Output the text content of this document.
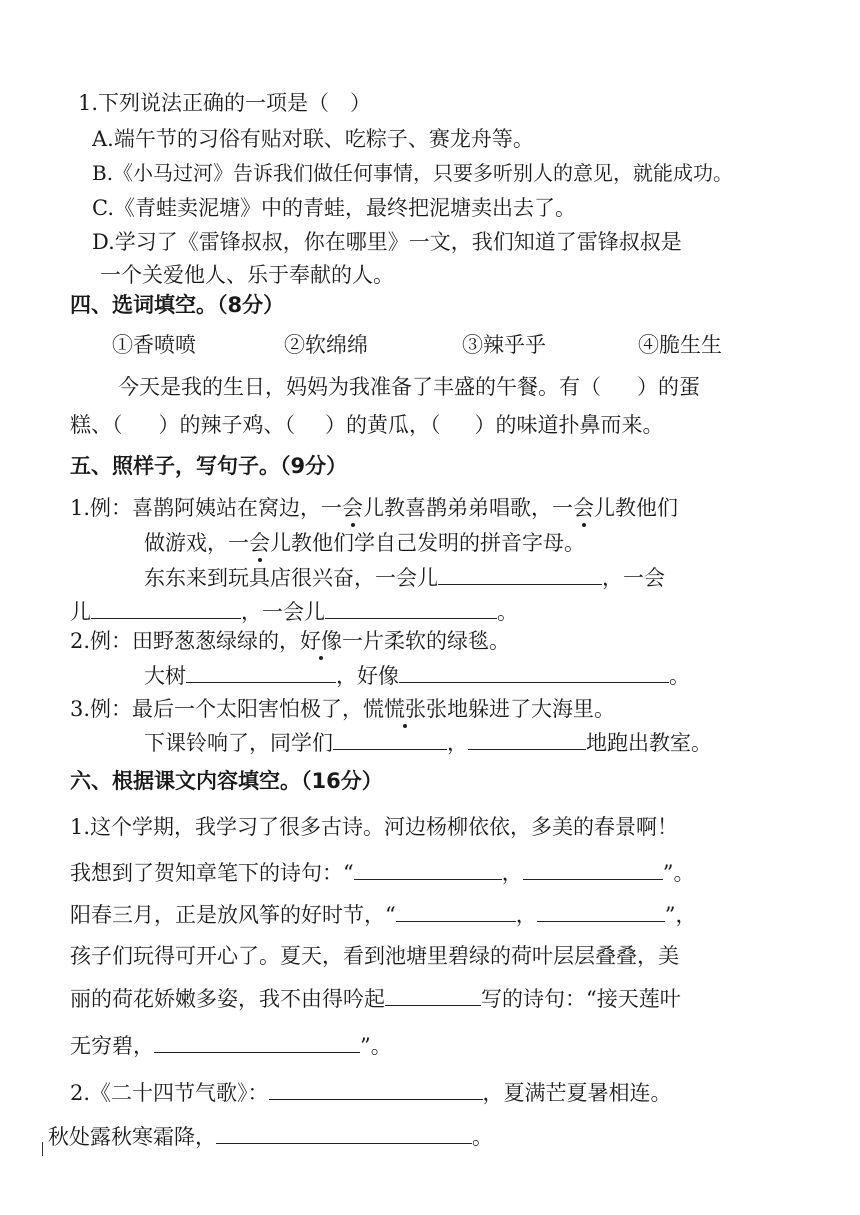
1.下列说法正确的一项是（　）
A.端午节的习俗有贴对联、吃粽子、赛龙舟等。
B.《小马过河》告诉我们做任何事情，只要多听别人的意见，就能成功。
C.《青蛙卖泥塘》中的青蛙，最终把泥塘卖出去了。
D.学习了《雷锋叔叔，你在哪里》一文，我们知道了雷锋叔叔是
一个关爱他人、乐于奉献的人。
四、选词填空。（8分）
①香喷喷	②软绵绵	③辣乎乎	④脆生生
今天是我的生日，妈妈为我准备了丰盛的午餐。有（ ）的蛋
糕、（ ）的辣子鸡、（ ）的黄瓜，（ ）的味道扑鼻而来。
五、照样子，写句子。（9分）
1.例：喜鹊阿姨站在窝边，一会儿教喜鹊弟弟唱歌，一会儿教他们
做游戏，一会儿教他们学自己发明的拼音字母。
东东来到玩具店很兴奋，一会儿	，一会
儿	，一会儿	。
2.例：田野葱葱绿绿的，好像一片柔软的绿毯。
大树	，好像	。
3.例：最后一个太阳害怕极了，慌慌张张地躲进了大海里。
下课铃响了，同学们	，	地跑出教室。
六、根据课文内容填空。（16分）
1.这个学期，我学习了很多古诗。河边杨柳依依，多美的春景啊！
我想到了贺知章笔下的诗句：“	，	”。
阳春三月，正是放风筝的好时节，“	，	”，
孩子们玩得可开心了。夏天，看到池塘里碧绿的荷叶层层叠叠，美
丽的荷花娇嫩多姿，我不由得吟起	写的诗句：“接天莲叶
无穷碧，	”。
2.《二十四节气歌》：	，夏满芒夏暑相连。
秋处露秋寒霜降，	。
